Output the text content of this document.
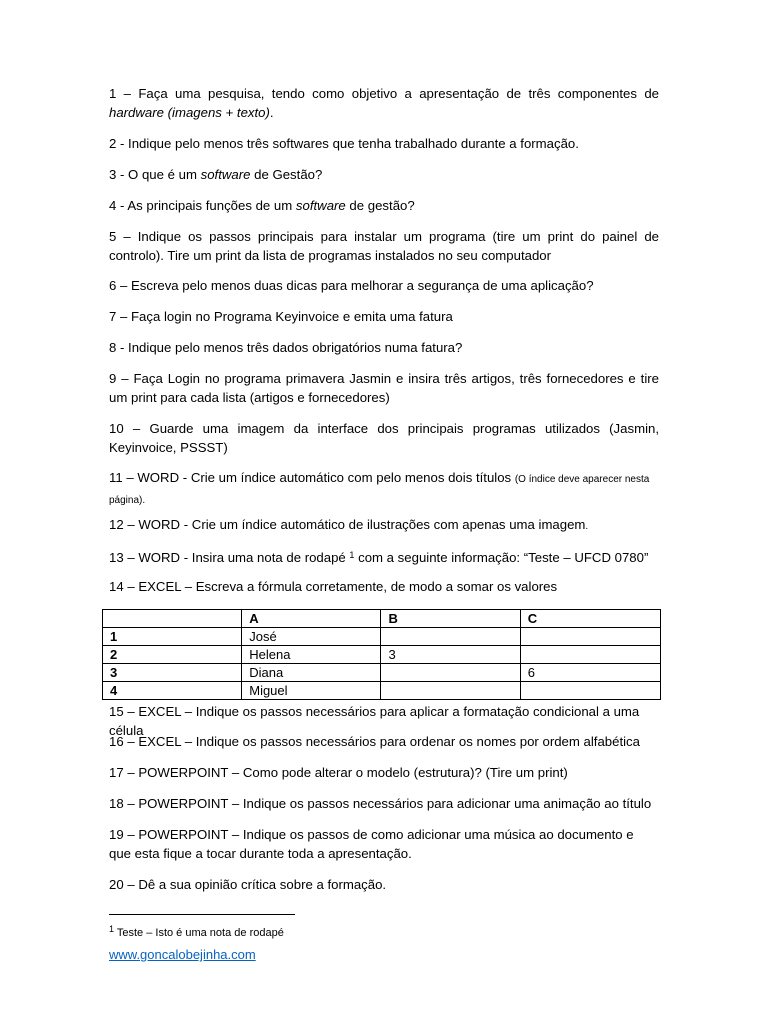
1 – Faça uma pesquisa, tendo como objetivo a apresentação de três componentes de hardware (imagens + texto).

2 - Indique pelo menos três softwares que tenha trabalhado durante a formação.

3 - O que é um software de Gestão?

4 - As principais funções de um software de gestão?

5 – Indique os passos principais para instalar um programa (tire um print do painel de controlo). Tire um print da lista de programas instalados no seu computador

6 – Escreva pelo menos duas dicas para melhorar a segurança de uma aplicação?

7 – Faça login no Programa Keyinvoice e emita uma fatura

8 - Indique pelo menos três dados obrigatórios numa fatura?

9 – Faça Login no programa primavera Jasmin e insira três artigos, três fornecedores e tire um print para cada lista (artigos e fornecedores)

10 – Guarde uma imagem da interface dos principais programas utilizados (Jasmin, Keyinvoice, PSSST)

11 – WORD - Crie um índice automático com pelo menos dois títulos (O índice deve aparecer nesta página).

12 – WORD - Crie um índice automático de ilustrações com apenas uma imagem.

13 – WORD - Insira uma nota de rodapé $^1$ com a seguinte informação: “Teste – UFCD 0780”

14 – EXCEL – Escreva a fórmula corretamente, de modo a somar os valores

	A	B	C
1	José		
2	Helena	3	
3	Diana		6
4	Miguel		

15 – EXCEL – Indique os passos necessários para aplicar a formatação condicional a uma célula

16 – EXCEL – Indique os passos necessários para ordenar os nomes por ordem alfabética

17 – POWERPOINT – Como pode alterar o modelo (estrutura)? (Tire um print)

18 – POWERPOINT – Indique os passos necessários para adicionar uma animação ao título

19 – POWERPOINT – Indique os passos de como adicionar uma música ao documento e que esta fique a tocar durante toda a apresentação.

20 – Dê a sua opinião crítica sobre a formação.

$^1$ Teste – Isto é uma nota de rodapé
www.goncalobejinha.com
